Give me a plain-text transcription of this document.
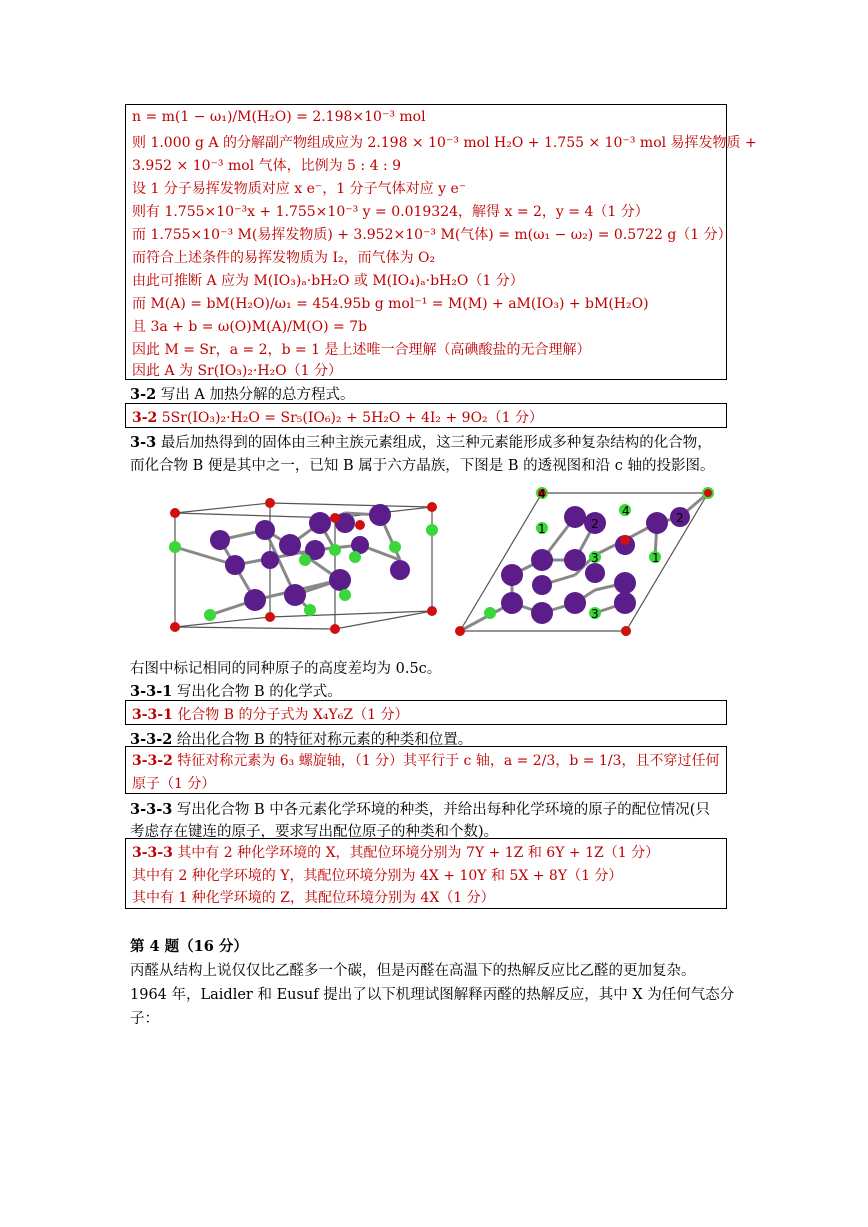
n = m(1 − ω₁)/M(H₂O) = 2.198×10⁻³ mol
则 1.000 g A 的分解副产物组成应为 2.198 × 10⁻³ mol H₂O + 1.755 × 10⁻³ mol 易挥发物质 +
3.952 × 10⁻³ mol 气体，比例为 5 : 4 : 9
设 1 分子易挥发物质对应 x e⁻，1 分子气体对应 y e⁻
则有 1.755×10⁻³x + 1.755×10⁻³ y = 0.019324，解得 x = 2，y = 4（1 分）
而 1.755×10⁻³ M(易挥发物质) + 3.952×10⁻³ M(气体) = m(ω₁ − ω₂) = 0.5722 g（1 分）
而符合上述条件的易挥发物质为 I₂，而气体为 O₂
由此可推断 A 应为 M(IO₃)ₐ·bH₂O 或 M(IO₄)ₐ·bH₂O（1 分）
而 M(A) = bM(H₂O)/ω₁ = 454.95b g mol⁻¹ = M(M) + aM(IO₃) + bM(H₂O)
且 3a + b = ω(O)M(A)/M(O) = 7b
因此 M = Sr，a = 2，b = 1 是上述唯一合理解（高碘酸盐的无合理解）
因此 A 为 Sr(IO₃)₂·H₂O（1 分）
3-2 写出 A 加热分解的总方程式。
3-2 5Sr(IO₃)₂·H₂O = Sr₅(IO₆)₂ + 5H₂O + 4I₂ + 9O₂（1 分）
3-3 最后加热得到的固体由三种主族元素组成，这三种元素能形成多种复杂结构的化合物，
而化合物 B 便是其中之一，已知 B 属于六方晶族，下图是 B 的透视图和沿 c 轴的投影图。
4
4
1	2
3
3
1
2
右图中标记相同的同种原子的高度差均为 0.5c。
3-3-1 写出化合物 B 的化学式。
3-3-1 化合物 B 的分子式为 X₄Y₆Z（1 分）
3-3-2 给出化合物 B 的特征对称元素的种类和位置。
3-3-2 特征对称元素为 6₃ 螺旋轴，（1 分）其平行于 c 轴，a = 2/3，b = 1/3，且不穿过任何
原子（1 分）
3-3-3 写出化合物 B 中各元素化学环境的种类，并给出每种化学环境的原子的配位情况(只
考虑存在键连的原子，要求写出配位原子的种类和个数)。
3-3-3 其中有 2 种化学环境的 X，其配位环境分别为 7Y + 1Z 和 6Y + 1Z（1 分）
其中有 2 种化学环境的 Y，其配位环境分别为 4X + 10Y 和 5X + 8Y（1 分）
其中有 1 种化学环境的 Z，其配位环境分别为 4X（1 分）
第 4 题（16 分）
丙醛从结构上说仅仅比乙醛多一个碳，但是丙醛在高温下的热解反应比乙醛的更加复杂。
1964 年，Laidler 和 Eusuf 提出了以下机理试图解释丙醛的热解反应，其中 X 为任何气态分
子：
